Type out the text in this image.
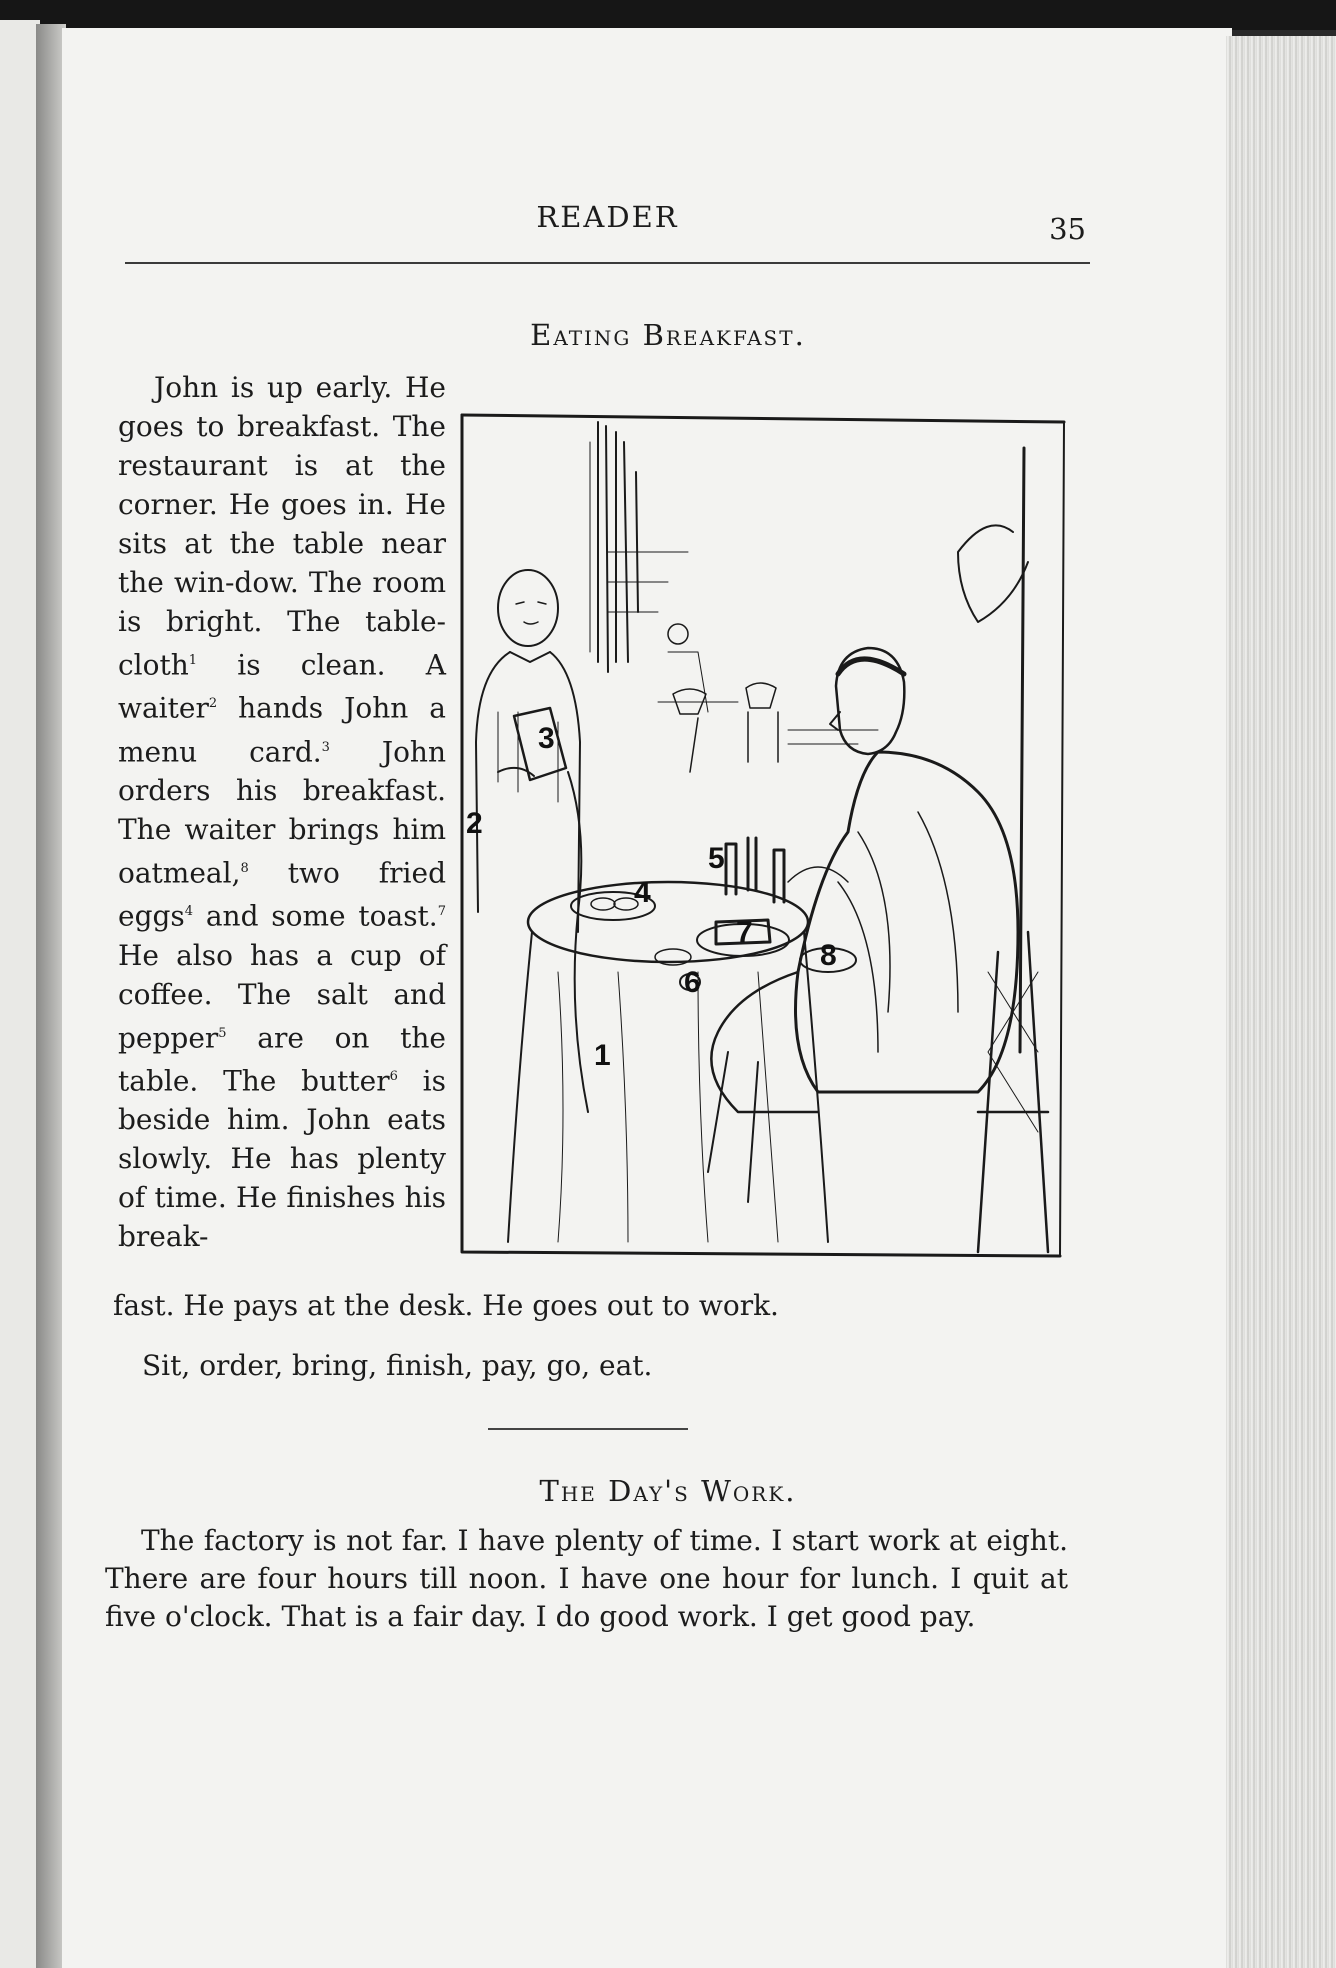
READER	35
Eating Breakfast.

John is up early. He goes to breakfast. The restaurant is at the corner. He goes in. He sits at the table near the win-dow. The room is bright. The table-cloth$^1$ is clean. A waiter$^2$ hands John a menu card.$^3$ John orders his breakfast. The waiter brings him oatmeal,$^8$ two fried eggs$^4$ and some toast.$^7$ He also has a cup of coffee. The salt and pepper$^5$ are on the table. The butter$^6$ is beside him. John eats slowly. He has plenty of time. He finishes his break-

1
2
3
4
5
6
7
8
fast. He pays at the desk. He goes out to work.
Sit, order, bring, finish, pay, go, eat.
The Day's Work.

The factory is not far. I have plenty of time. I start work at eight. There are four hours till noon. I have one hour for lunch. I quit at five o'clock. That is a fair day. I do good work. I get good pay.
